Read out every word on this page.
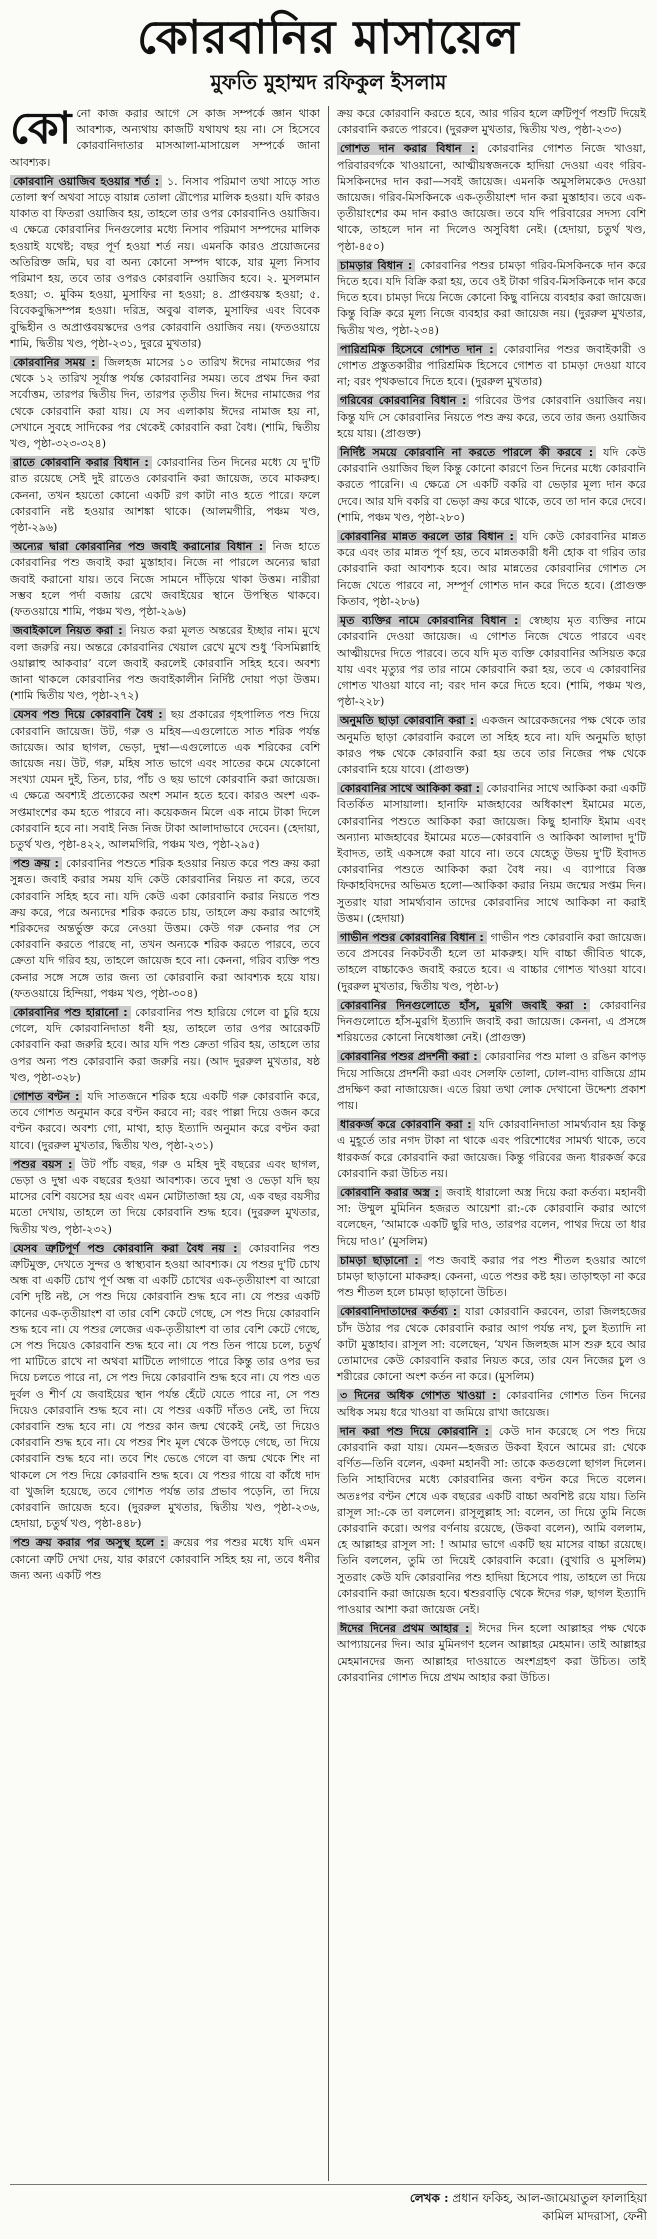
কোরবানির মাসায়েল
মুফতি মুহাম্মদ রফিকুল ইসলাম

কোনো কাজ করার আগে সে কাজ সম্পর্কে জ্ঞান থাকা আবশ্যক, অন্যথায় কাজটি যথাযথ হয় না। সে হিসেবে কোরবানিদাতার মাসআলা-মাসায়েল সম্পর্কে জানা আবশ্যক।

কোরবানি ওয়াজিব হওয়ার শর্ত : ১. নিসাব পরিমাণ তথা সাড়ে সাত তোলা স্বর্ণ অথবা সাড়ে বায়ান্ন তোলা রৌপ্যের মালিক হওয়া। যদি কারও যাকাত বা ফিতরা ওয়াজিব হয়, তাহলে তার ওপর কোরবানিও ওয়াজিব। এ ক্ষেত্রে কোরবানির দিনগুলোর মধ্যে নিসাব পরিমাণ সম্পদের মালিক হওয়াই যথেষ্ট; বছর পূর্ণ হওয়া শর্ত নয়। এমনকি কারও প্রয়োজনের অতিরিক্ত জমি, ঘর বা অন্য কোনো সম্পদ থাকে, যার মূল্য নিসাব পরিমাণ হয়, তবে তার ওপরও কোরবানি ওয়াজিব হবে। ২. মুসলমান হওয়া; ৩. মুকিম হওয়া, মুসাফির না হওয়া; ৪. প্রাপ্তবয়স্ক হওয়া; ৫. বিবেকবুদ্ধিসম্পন্ন হওয়া। দরিদ্র, অবুঝ বালক, মুসাফির এবং বিবেক বুদ্ধিহীন ও অপ্রাপ্তবয়স্কদের ওপর কোরবানি ওয়াজিব নয়। (ফতওয়ায়ে শামি, দ্বিতীয় খণ্ড, পৃষ্ঠা-২৩১, দুররে মুখতার)

কোরবানির সময় : জিলহজ মাসের ১০ তারিখ ঈদের নামাজের পর থেকে ১২ তারিখ সূর্যাস্ত পর্যন্ত কোরবানির সময়। তবে প্রথম দিন করা সর্বোত্তম, তারপর দ্বিতীয় দিন, তারপর তৃতীয় দিন। ঈদের নামাজের পর থেকে কোরবানি করা যায়। যে সব এলাকায় ঈদের নামাজ হয় না, সেখানে সুবহে সাদিকের পর থেকেই কোরবানি করা বৈধ। (শামি, দ্বিতীয় খণ্ড, পৃষ্ঠা-৩২৩-৩২৪)

রাতে কোরবানি করার বিধান : কোরবানির তিন দিনের মধ্যে যে দু'টি রাত রয়েছে সেই দুই রাতেও কোরবানি করা জায়েজ, তবে মাকরুহ। কেননা, তখন হয়তো কোনো একটি রগ কাটা নাও হতে পারে। ফলে কোরবানি নষ্ট হওয়ার আশঙ্কা থাকে। (আলমগীরি, পঞ্চম খণ্ড, পৃষ্ঠা-২৯৬)

অন্যের দ্বারা কোরবানির পশু জবাই করানোর বিধান : নিজ হাতে কোরবানির পশু জবাই করা মুস্তাহাব। নিজে না পারলে অন্যের দ্বারা জবাই করানো যায়। তবে নিজে সামনে দাঁড়িয়ে থাকা উত্তম। নারীরা সম্ভব হলে পর্দা বজায় রেখে জবাইয়ের স্থানে উপস্থিত থাকবে। (ফতওয়ায়ে শামি, পঞ্চম খণ্ড, পৃষ্ঠা-২৯৬)

জবাইকালে নিয়ত করা : নিয়ত করা মূলত অন্তরের ইচ্ছার নাম। মুখে বলা জরুরি নয়। অন্তরে কোরবানির খেয়াল রেখে মুখে শুধু ‘বিসমিল্লাহি ওয়াল্লাহু আকবার’ বলে জবাই করলেই কোরবানি সহিহ হবে। অবশ্য জানা থাকলে কোরবানির পশু জবাইকালীন নির্দিষ্ট দোয়া পড়া উত্তম। (শামি দ্বিতীয় খণ্ড, পৃষ্ঠা-২৭২)

যেসব পশু দিয়ে কোরবানি বৈধ : ছয় প্রকারের গৃহপালিত পশু দিয়ে কোরবানি জায়েজ। উট, গরু ও মহিষ—এগুলোতে সাত শরিক পর্যন্ত জায়েজ। আর ছাগল, ভেড়া, দুম্বা—এগুলোতে এক শরিকের বেশি জায়েজ নয়। উট, গরু, মহিষ সাত ভাগে এবং সাতের কমে যেকোনো সংখ্যা যেমন দুই, তিন, চার, পাঁচ ও ছয় ভাগে কোরবানি করা জায়েজ। এ ক্ষেত্রে অবশ্যই প্রত্যেকের অংশ সমান হতে হবে। কারও অংশ এক-সপ্তমাংশের কম হতে পারবে না। কয়েকজন মিলে এক নামে টাকা দিলে কোরবানি হবে না। সবাই নিজ নিজ টাকা আলাদাভাবে দেবেন। (হেদায়া, চতুর্থ খণ্ড, পৃষ্ঠা-৪২২, আলমগিরি, পঞ্চম খণ্ড, পৃষ্ঠা-২৯৫)

পশু ক্রয় : কোরবানির পশুতে শরিক হওয়ার নিয়ত করে পশু ক্রয় করা সুন্নত। জবাই করার সময় যদি কেউ কোরবানির নিয়ত না করে, তবে কোরবানি সহিহ হবে না। যদি কেউ একা কোরবানি করার নিয়তে পশু ক্রয় করে, পরে অন্যদের শরিক করতে চায়, তাহলে ক্রয় করার আগেই শরিকদের অন্তর্ভুক্ত করে নেওয়া উত্তম। কেউ গরু কেনার পর সে কোরবানি করতে পারছে না, তখন অন্যকে শরিক করতে পারবে, তবে ক্রেতা যদি গরিব হয়, তাহলে জায়েজ হবে না। কেননা, গরিব ব্যক্তি পশু কেনার সঙ্গে সঙ্গে তার জন্য তা কোরবানি করা আবশ্যক হয়ে যায়। (ফতওয়ায়ে হিন্দিয়া, পঞ্চম খণ্ড, পৃষ্ঠা-৩০৪)

কোরবানির পশু হারানো : কোরবানির পশু হারিয়ে গেলে বা চুরি হয়ে গেলে, যদি কোরবানিদাতা ধনী হয়, তাহলে তার ওপর আরেকটি কোরবানি করা জরুরি হবে। আর যদি পশু ক্রেতা গরিব হয়, তাহলে তার ওপর অন্য পশু কোরবানি করা জরুরি নয়। (আদ দুররুল মুখতার, ষষ্ঠ খণ্ড, পৃষ্ঠা-৩২৮)

গোশত বণ্টন : যদি সাতজনে শরিক হয়ে একটি গরু কোরবানি করে, তবে গোশত অনুমান করে বণ্টন করবে না; বরং পাল্লা দিয়ে ওজন করে বণ্টন করবে। অবশ্য গো, মাথা, হাড় ইত্যাদি অনুমান করে বণ্টন করা যাবে। (দুররুল মুখতার, দ্বিতীয় খণ্ড, পৃষ্ঠা-২৩১)

পশুর বয়স : উট পাঁচ বছর, গরু ও মহিষ দুই বছরের এবং ছাগল, ভেড়া ও দুম্বা এক বছরের হওয়া আবশ্যক। তবে দুম্বা ও ভেড়া যদি ছয় মাসের বেশি বয়সের হয় এবং এমন মোটাতাজা হয় যে, এক বছর বয়সীর মতো দেখায়, তাহলে তা দিয়ে কোরবানি শুদ্ধ হবে। (দুররুল মুখতার, দ্বিতীয় খণ্ড, পৃষ্ঠা-২৩২)

যেসব ত্রুটিপূর্ণ পশু কোরবানি করা বৈধ নয় : কোরবানির পশু ত্রুটিমুক্ত, দেখতে সুন্দর ও স্বাস্থ্যবান হওয়া আবশ্যক। যে পশুর দু'টি চোখ অন্ধ বা একটি চোখ পূর্ণ অন্ধ বা একটি চোখের এক-তৃতীয়াংশ বা আরো বেশি দৃষ্টি নষ্ট, সে পশু দিয়ে কোরবানি শুদ্ধ হবে না। যে পশুর একটি কানের এক-তৃতীয়াংশ বা তার বেশি কেটে গেছে, সে পশু দিয়ে কোরবানি শুদ্ধ হবে না। যে পশুর লেজের এক-তৃতীয়াংশ বা তার বেশি কেটে গেছে, সে পশু দিয়েও কোরবানি শুদ্ধ হবে না। যে পশু তিন পায়ে চলে, চতুর্থ পা মাটিতে রাখে না অথবা মাটিতে লাগাতে পারে কিন্তু তার ওপর ভর দিয়ে চলতে পারে না, সে পশু দিয়ে কোরবানি শুদ্ধ হবে না। যে পশু এত দুর্বল ও শীর্ণ যে জবাইয়ের স্থান পর্যন্ত হেঁটে যেতে পারে না, সে পশু দিয়েও কোরবানি শুদ্ধ হবে না। যে পশুর একটি দাঁতও নেই, তা দিয়ে কোরবানি শুদ্ধ হবে না। যে পশুর কান জন্ম থেকেই নেই, তা দিয়েও কোরবানি শুদ্ধ হবে না। যে পশুর শিং মূল থেকে উপড়ে গেছে, তা দিয়ে কোরবানি শুদ্ধ হবে না। তবে শিং ভেঙে গেলে বা জন্ম থেকে শিং না থাকলে সে পশু দিয়ে কোরবানি শুদ্ধ হবে। যে পশুর গায়ে বা কাঁধে দাদ বা খুজলি হয়েছে, তবে গোশত পর্যন্ত তার প্রভাব পড়েনি, তা দিয়ে কোরবানি জায়েজ হবে। (দুররুল মুখতার, দ্বিতীয় খণ্ড, পৃষ্ঠা-২৩৬, হেদায়া, চতুর্থ খণ্ড, পৃষ্ঠা-৪৪৮)

পশু ক্রয় করার পর অসুস্থ হলে : ক্রয়ের পর পশুর মধ্যে যদি এমন কোনো ত্রুটি দেখা দেয়, যার কারণে কোরবানি সহিহ হয় না, তবে ধনীর জন্য অন্য একটি পশু

ক্রয় করে কোরবানি করতে হবে, আর গরিব হলে ত্রুটিপূর্ণ পশুটি দিয়েই কোরবানি করতে পারবে। (দুররুল মুখতার, দ্বিতীয় খণ্ড, পৃষ্ঠা-২৩৩)

গোশত দান করার বিধান : কোরবানির গোশত নিজে খাওয়া, পরিবারবর্গকে খাওয়ানো, আত্মীয়স্বজনকে হাদিয়া দেওয়া এবং গরিব-মিসকিনদের দান করা—সবই জায়েজ। এমনকি অমুসলিমকেও দেওয়া জায়েজ। গরিব-মিসকিনকে এক-তৃতীয়াংশ দান করা মুস্তাহাব। তবে এক-তৃতীয়াংশের কম দান করাও জায়েজ। তবে যদি পরিবারের সদস্য বেশি থাকে, তাহলে দান না দিলেও অসুবিধা নেই। (হেদায়া, চতুর্থ খণ্ড, পৃষ্ঠা-৪৫০)

চামড়ার বিধান : কোরবানির পশুর চামড়া গরিব-মিসকিনকে দান করে দিতে হবে। যদি বিক্রি করা হয়, তবে ওই টাকা গরিব-মিসকিনকে দান করে দিতে হবে। চামড়া দিয়ে নিজে কোনো কিছু বানিয়ে ব্যবহার করা জায়েজ। কিন্তু বিক্রি করে মূল্য নিজে ব্যবহার করা জায়েজ নয়। (দুররুল মুখতার, দ্বিতীয় খণ্ড, পৃষ্ঠা-২৩৪)

পারিশ্রমিক হিসেবে গোশত দান : কোরবানির পশুর জবাইকারী ও গোশত প্রস্তুতকারীর পারিশ্রমিক হিসেবে গোশত বা চামড়া দেওয়া যাবে না; বরং পৃথকভাবে দিতে হবে। (দুররুল মুখতার)

গরিবের কোরবানির বিধান : গরিবের উপর কোরবানি ওয়াজিব নয়। কিন্তু যদি সে কোরবানির নিয়তে পশু ক্রয় করে, তবে তার জন্য ওয়াজিব হয়ে যায়। (প্রাগুক্ত)

নির্দিষ্ট সময়ে কোরবানি না করতে পারলে কী করবে : যদি কেউ কোরবানি ওয়াজিব ছিল কিন্তু কোনো কারণে তিন দিনের মধ্যে কোরবানি করতে পারেনি। এ ক্ষেত্রে সে একটি বকরি বা ভেড়ার মূল্য দান করে দেবে। আর যদি বকরি বা ভেড়া ক্রয় করে থাকে, তবে তা দান করে দেবে। (শামি, পঞ্চম খণ্ড, পৃষ্ঠা-২৮০)

কোরবানির মান্নত করলে তার বিধান : যদি কেউ কোরবানির মান্নত করে এবং তার মান্নত পূর্ণ হয়, তবে মান্নতকারী ধনী হোক বা গরিব তার কোরবানি করা আবশ্যক হবে। আর মান্নতের কোরবানির গোশত সে নিজে খেতে পারবে না, সম্পূর্ণ গোশত দান করে দিতে হবে। (প্রাগুক্ত কিতাব, পৃষ্ঠা-২৮৬)

মৃত ব্যক্তির নামে কোরবানির বিধান : স্বেচ্ছায় মৃত ব্যক্তির নামে কোরবানি দেওয়া জায়েজ। এ গোশত নিজে খেতে পারবে এবং আত্মীয়দের দিতে পারবে। তবে যদি মৃত ব্যক্তি কোরবানির অসিয়ত করে যায় এবং মৃত্যুর পর তার নামে কোরবানি করা হয়, তবে এ কোরবানির গোশত খাওয়া যাবে না; বরং দান করে দিতে হবে। (শামি, পঞ্চম খণ্ড, পৃষ্ঠা-২২৮)

অনুমতি ছাড়া কোরবানি করা : একজন আরেকজনের পক্ষ থেকে তার অনুমতি ছাড়া কোরবানি করলে তা সহিহ হবে না। যদি অনুমতি ছাড়া কারও পক্ষ থেকে কোরবানি করা হয় তবে তার নিজের পক্ষ থেকে কোরবানি হয়ে যাবে। (প্রাগুক্ত)

কোরবানির সাথে আকিকা করা : কোরবানির সাথে আকিকা করা একটি বিতর্কিত মাসায়ালা। হানাফি মাজহাবের অধিকাংশ ইমামের মতে, কোরবানির পশুতে আকিকা করা জায়েজ। কিছু হানাফি ইমাম এবং অন্যান্য মাজহাবের ইমামের মতে—কোরবানি ও আকিকা আলাদা দু'টি ইবাদত, তাই একসঙ্গে করা যাবে না। তবে যেহেতু উভয় দু'টি ইবাদত কোরবানির পশুতে আকিকা করা বৈধ নয়। এ ব্যাপারে বিজ্ঞ ফিকাহবিদদের অভিমত হলো—আকিকা করার নিয়ম জন্মের সপ্তম দিন। সুতরাং যারা সামর্থ্যবান তাদের কোরবানির সাথে আকিকা না করাই উত্তম। (হেদায়া)

গাভীন পশুর কোরবানির বিধান : গাভীন পশু কোরবানি করা জায়েজ। তবে প্রসবের নিকটবর্তী হলে তা মাকরুহ। যদি বাচ্চা জীবিত থাকে, তাহলে বাচ্চাকেও জবাই করতে হবে। এ বাচ্চার গোশত খাওয়া যাবে। (দুররুল মুখতার, দ্বিতীয় খণ্ড, পৃষ্ঠা-৮)

কোরবানির দিনগুলোতে হাঁস, মুরগি জবাই করা : কোরবানির দিনগুলোতে হাঁস-মুরগি ইত্যাদি জবাই করা জায়েজ। কেননা, এ প্রসঙ্গে শরিয়তের কোনো নিষেধাজ্ঞা নেই। (প্রাগুক্ত)

কোরবানির পশুর প্রদর্শনী করা : কোরবানির পশু মালা ও রঙিন কাপড় দিয়ে সাজিয়ে প্রদর্শনী করা এবং সেলফি তোলা, ঢোল-বাদ্য বাজিয়ে গ্রাম প্রদক্ষিণ করা নাজায়েজ। এতে রিয়া তথা লোক দেখানো উদ্দেশ্য প্রকাশ পায়।

ধারকর্জ করে কোরবানি করা : যদি কোরবানিদাতা সামর্থ্যবান হয় কিন্তু এ মুহূর্তে তার নগদ টাকা না থাকে এবং পরিশোধের সামর্থ্য থাকে, তবে ধারকর্জ করে কোরবানি করা জায়েজ। কিন্তু গরিবের জন্য ধারকর্জ করে কোরবানি করা উচিত নয়।

কোরবানি করার অস্ত্র : জবাই ধারালো অস্ত্র দিয়ে করা কর্তব্য। মহানবী সা: উম্মুল মুমিনিন হজরত আয়েশা রা:-কে কোরবানি করার আগে বলেছেন, ‘আমাকে একটি ছুরি দাও, তারপর বলেন, পাথর দিয়ে তা ধার দিয়ে দাও।’ (মুসলিম)

চামড়া ছাড়ানো : পশু জবাই করার পর পশু শীতল হওয়ার আগে চামড়া ছাড়ানো মাকরুহ। কেননা, এতে পশুর কষ্ট হয়। তাড়াহুড়া না করে পশু শীতল হলে চামড়া ছাড়ানো উচিত।

কোরবানিদাতাদের কর্তব্য : যারা কোরবানি করবেন, তারা জিলহজের চাঁদ উঠার পর থেকে কোরবানি করার আগ পর্যন্ত নখ, চুল ইত্যাদি না কাটা মুস্তাহাব। রাসূল সা: বলেছেন, ‘যখন জিলহজ মাস শুরু হবে আর তোমাদের কেউ কোরবানি করার নিয়ত করে, তার যেন নিজের চুল ও শরীরের কোনো অংশ কর্তন না করে। (মুসলিম)

৩ দিনের অধিক গোশত খাওয়া : কোরবানির গোশত তিন দিনের অধিক সময় ধরে খাওয়া বা জমিয়ে রাখা জায়েজ।

দান করা পশু দিয়ে কোরবানি : কেউ দান করেছে সে পশু দিয়ে কোরবানি করা যায়। যেমন—হজরত উকবা ইবনে আমের রা: থেকে বর্ণিত—তিনি বলেন, একদা মহানবী সা: তাকে কতগুলো ছাগল দিলেন। তিনি সাহাবিদের মধ্যে কোরবানির জন্য বণ্টন করে দিতে বলেন। অতঃপর বণ্টন শেষে এক বছরের একটি বাচ্চা অবশিষ্ট রয়ে যায়। তিনি রাসূল সা:-কে তা বললেন। রাসূলুল্লাহ সা: বলেন, তা দিয়ে তুমি নিজে কোরবানি করো। অপর বর্ণনায় রয়েছে, (উকবা বলেন), আমি বললাম, হে আল্লাহর রাসূল সা: ! আমার ভাগে একটি ছয় মাসের বাচ্চা রয়েছে। তিনি বললেন, তুমি তা দিয়েই কোরবানি করো। (বুখারি ও মুসলিম) সুতরাং কেউ যদি কোরবানির পশু হাদিয়া হিসেবে পায়, তাহলে তা দিয়ে কোরবানি করা জায়েজ হবে। শ্বশুরবাড়ি থেকে ঈদের গরু, ছাগল ইত্যাদি পাওয়ার আশা করা জায়েজ নেই।

ঈদের দিনের প্রথম আহার : ঈদের দিন হলো আল্লাহর পক্ষ থেকে আপ্যায়নের দিন। আর মুমিনগণ হলেন আল্লাহর মেহমান। তাই আল্লাহর মেহমানদের জন্য আল্লাহর দাওয়াতে অংশগ্রহণ করা উচিত। তাই কোরবানির গোশত দিয়ে প্রথম আহার করা উচিত।

লেখক : প্রধান ফকিহ, আল-জামেয়াতুল ফালাহিয়া
কামিল মাদরাসা, ফেনী
